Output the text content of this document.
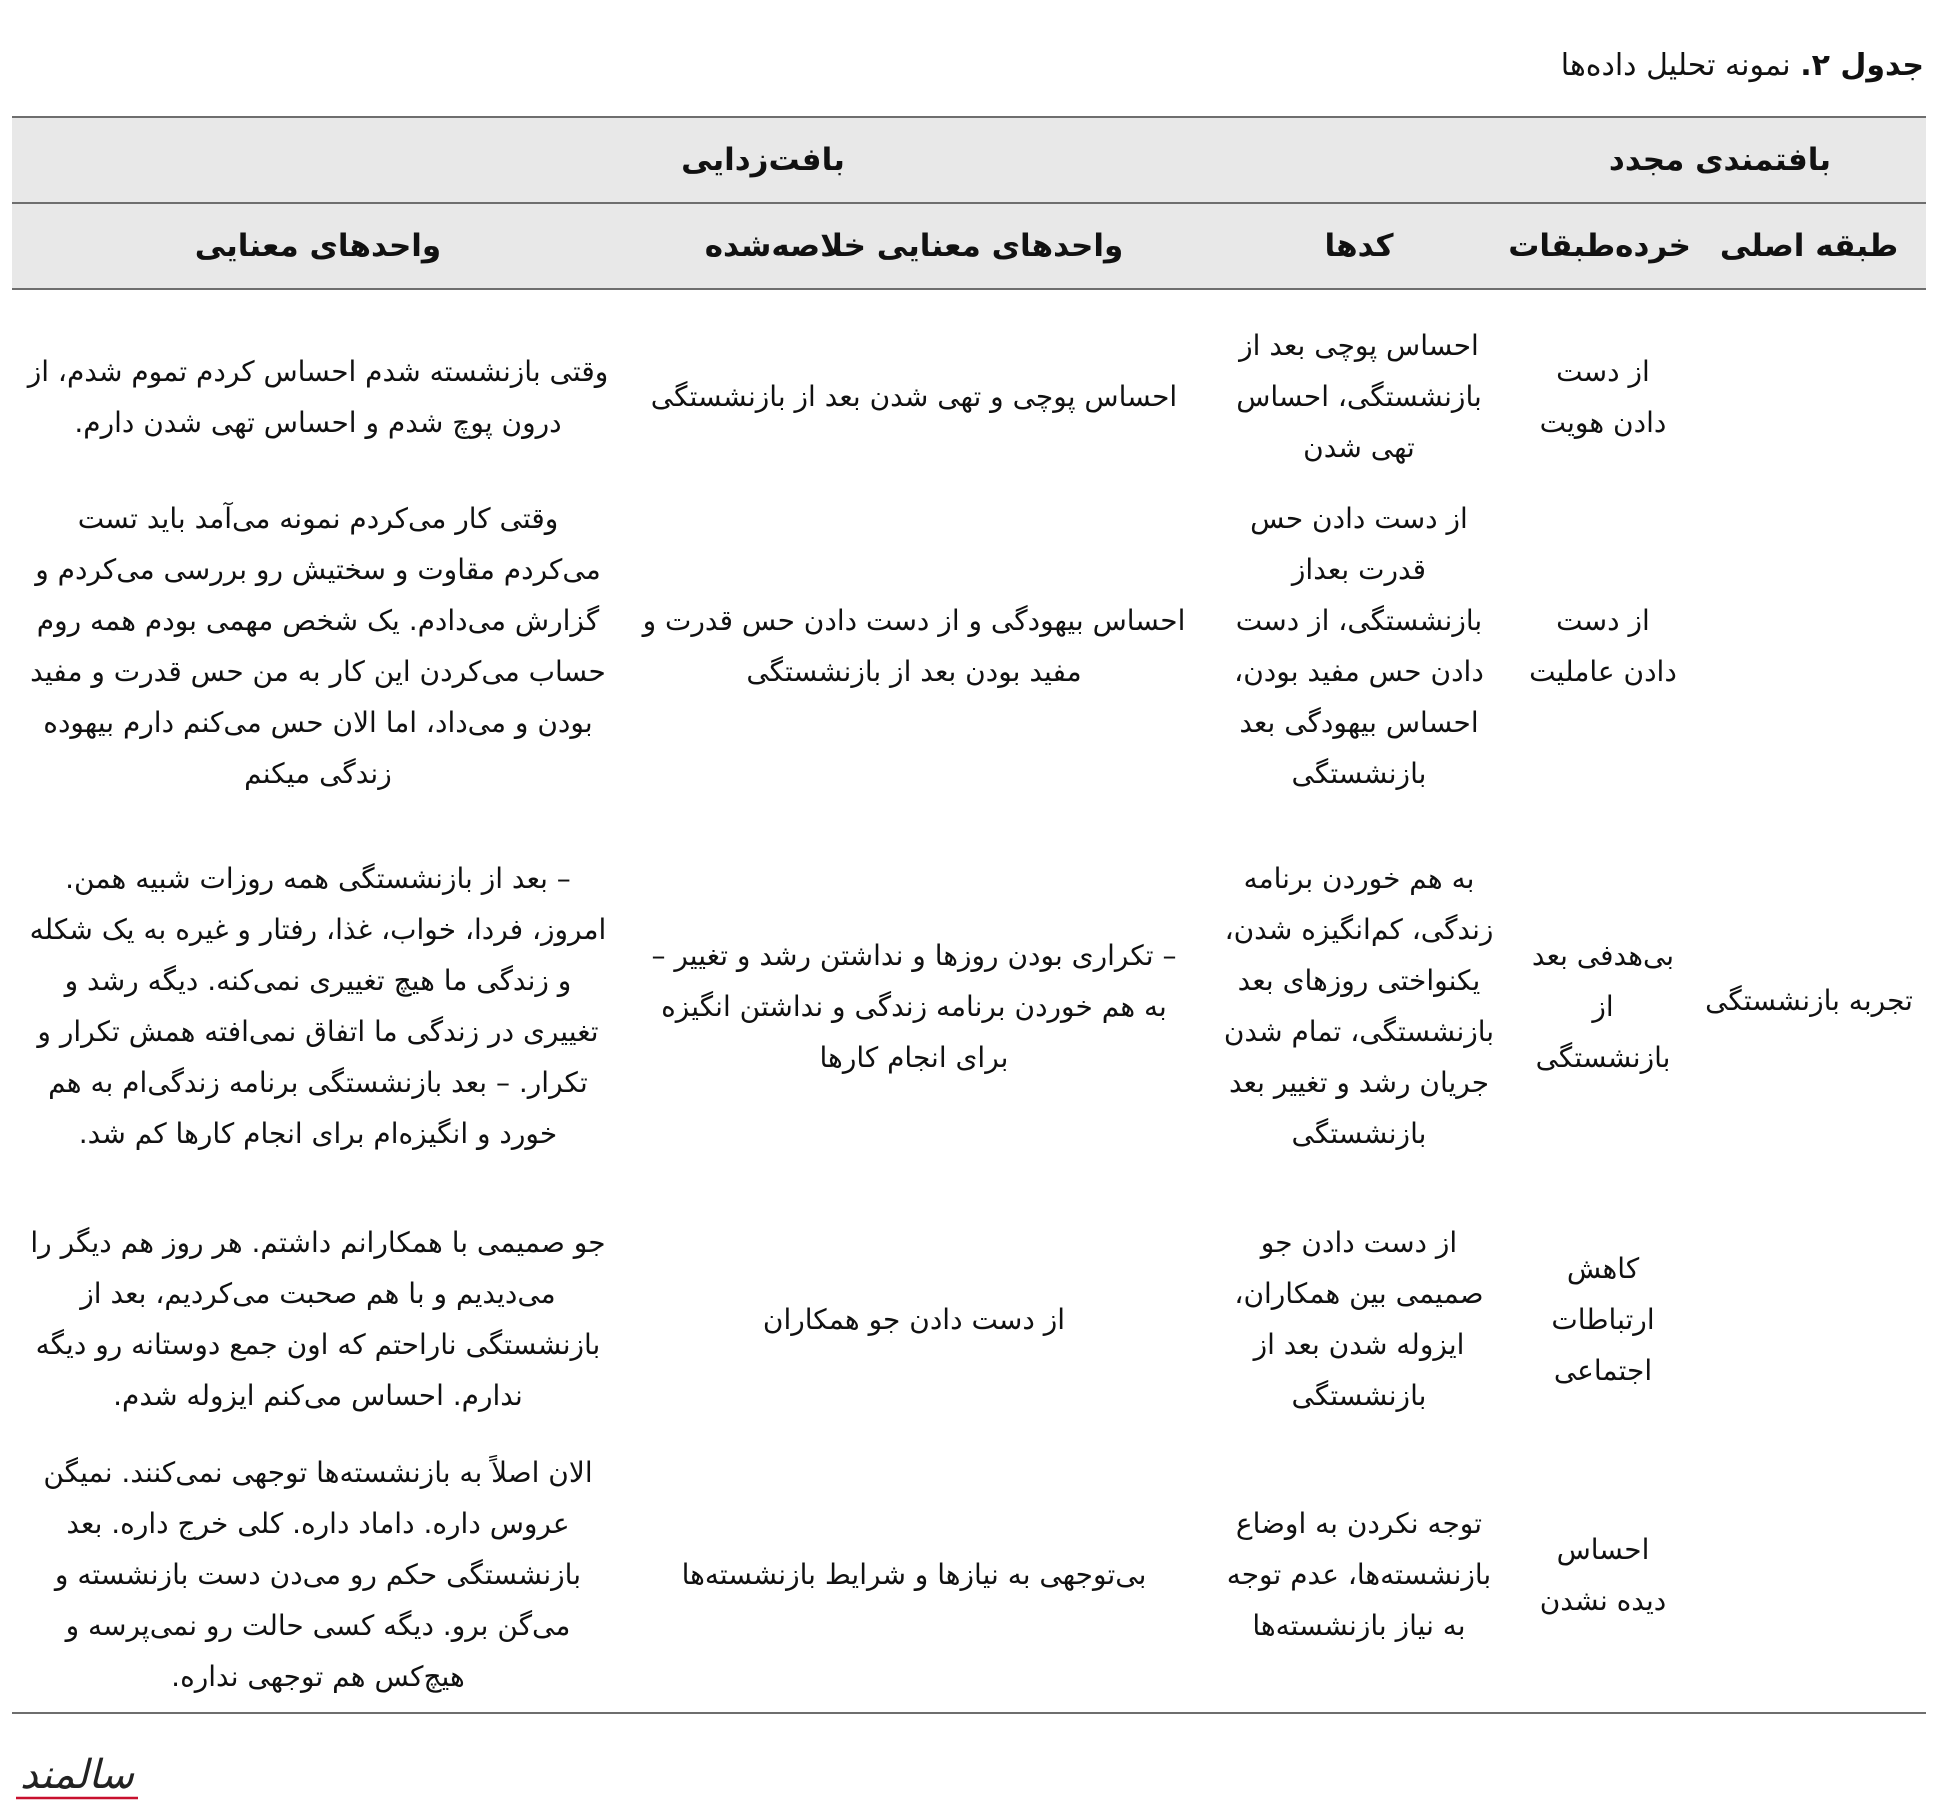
جدول ۲. نمونه تحلیل داده‌ها
بافتمندی مجدد		بافت‌زدایی		
طبقه اصلی	خرده‌طبقات	کدها	واحدهای معنایی خلاصه‌شده	واحدهای معنایی
تجربه بازنشستگی				
	از دست دادن هویت	احساس پوچی بعد از بازنشستگی، احساس تهی شدن	احساس پوچی و تهی شدن بعد از بازنشستگی	وقتی بازنشسته شدم احساس کردم تموم شدم، از درون پوچ شدم و احساس تهی شدن دارم.
	از دست دادن عاملیت	از دست دادن حس قدرت بعداز بازنشستگی، از دست دادن حس مفید بودن، احساس بیهودگی بعد بازنشستگی	احساس بیهودگی و از دست دادن حس قدرت و مفید بودن بعد از بازنشستگی	وقتی کار می‌کردم نمونه می‌آمد باید تست می‌کردم مقاوت و سختیش رو بررسی می‌کردم و گزارش می‌دادم. یک شخص مهمی بودم همه روم حساب می‌کردن این کار به من حس قدرت و مفید بودن و می‌داد، اما الان حس می‌کنم دارم بیهوده زندگی میکنم
	بی‌هدفی بعد از بازنشستگی	به هم خوردن برنامه زندگی، کم‌انگیزه شدن، یکنواختی روزهای بعد بازنشستگی، تمام شدن جریان رشد و تغییر بعد بازنشستگی	– تکراری بودن روزها و نداشتن رشد و تغییر – به هم خوردن برنامه زندگی و نداشتن انگیزه برای انجام کارها	– بعد از بازنشستگی همه روزات شبیه همن. امروز، فردا، خواب، غذا، رفتار و غیره به یک شکله و زندگی ما هیچ تغییری نمی‌کنه. دیگه رشد و تغییری در زندگی ما اتفاق نمی‌افته همش تکرار و تکرار. – بعد بازنشستگی برنامه زندگی‌ام به هم خورد و انگیزه‌ام برای انجام کارها کم شد.
	کاهش ارتباطات اجتماعی	از دست دادن جو صمیمی بین همکاران، ایزوله شدن بعد از بازنشستگی	از دست دادن جو همکاران	جو صمیمی با همکارانم داشتم. هر روز هم دیگر را می‌دیدیم و با هم صحبت می‌کردیم، بعد از بازنشستگی ناراحتم که اون جمع دوستانه رو دیگه ندارم. احساس می‌کنم ایزوله شدم.
	احساس دیده نشدن	توجه نکردن به اوضاع بازنشسته‌ها، عدم توجه به نیاز بازنشسته‌ها	بی‌توجهی به نیازها و شرایط بازنشسته‌ها	الان اصلاً به بازنشسته‌ها توجهی نمی‌کنند. نمیگن عروس داره. داماد داره. کلی خرج داره. بعد بازنشستگی حکم رو می‌دن دست بازنشسته و می‌گن برو. دیگه کسی حالت رو نمی‌پرسه و هیچ‌کس هم توجهی نداره.
سالمند
